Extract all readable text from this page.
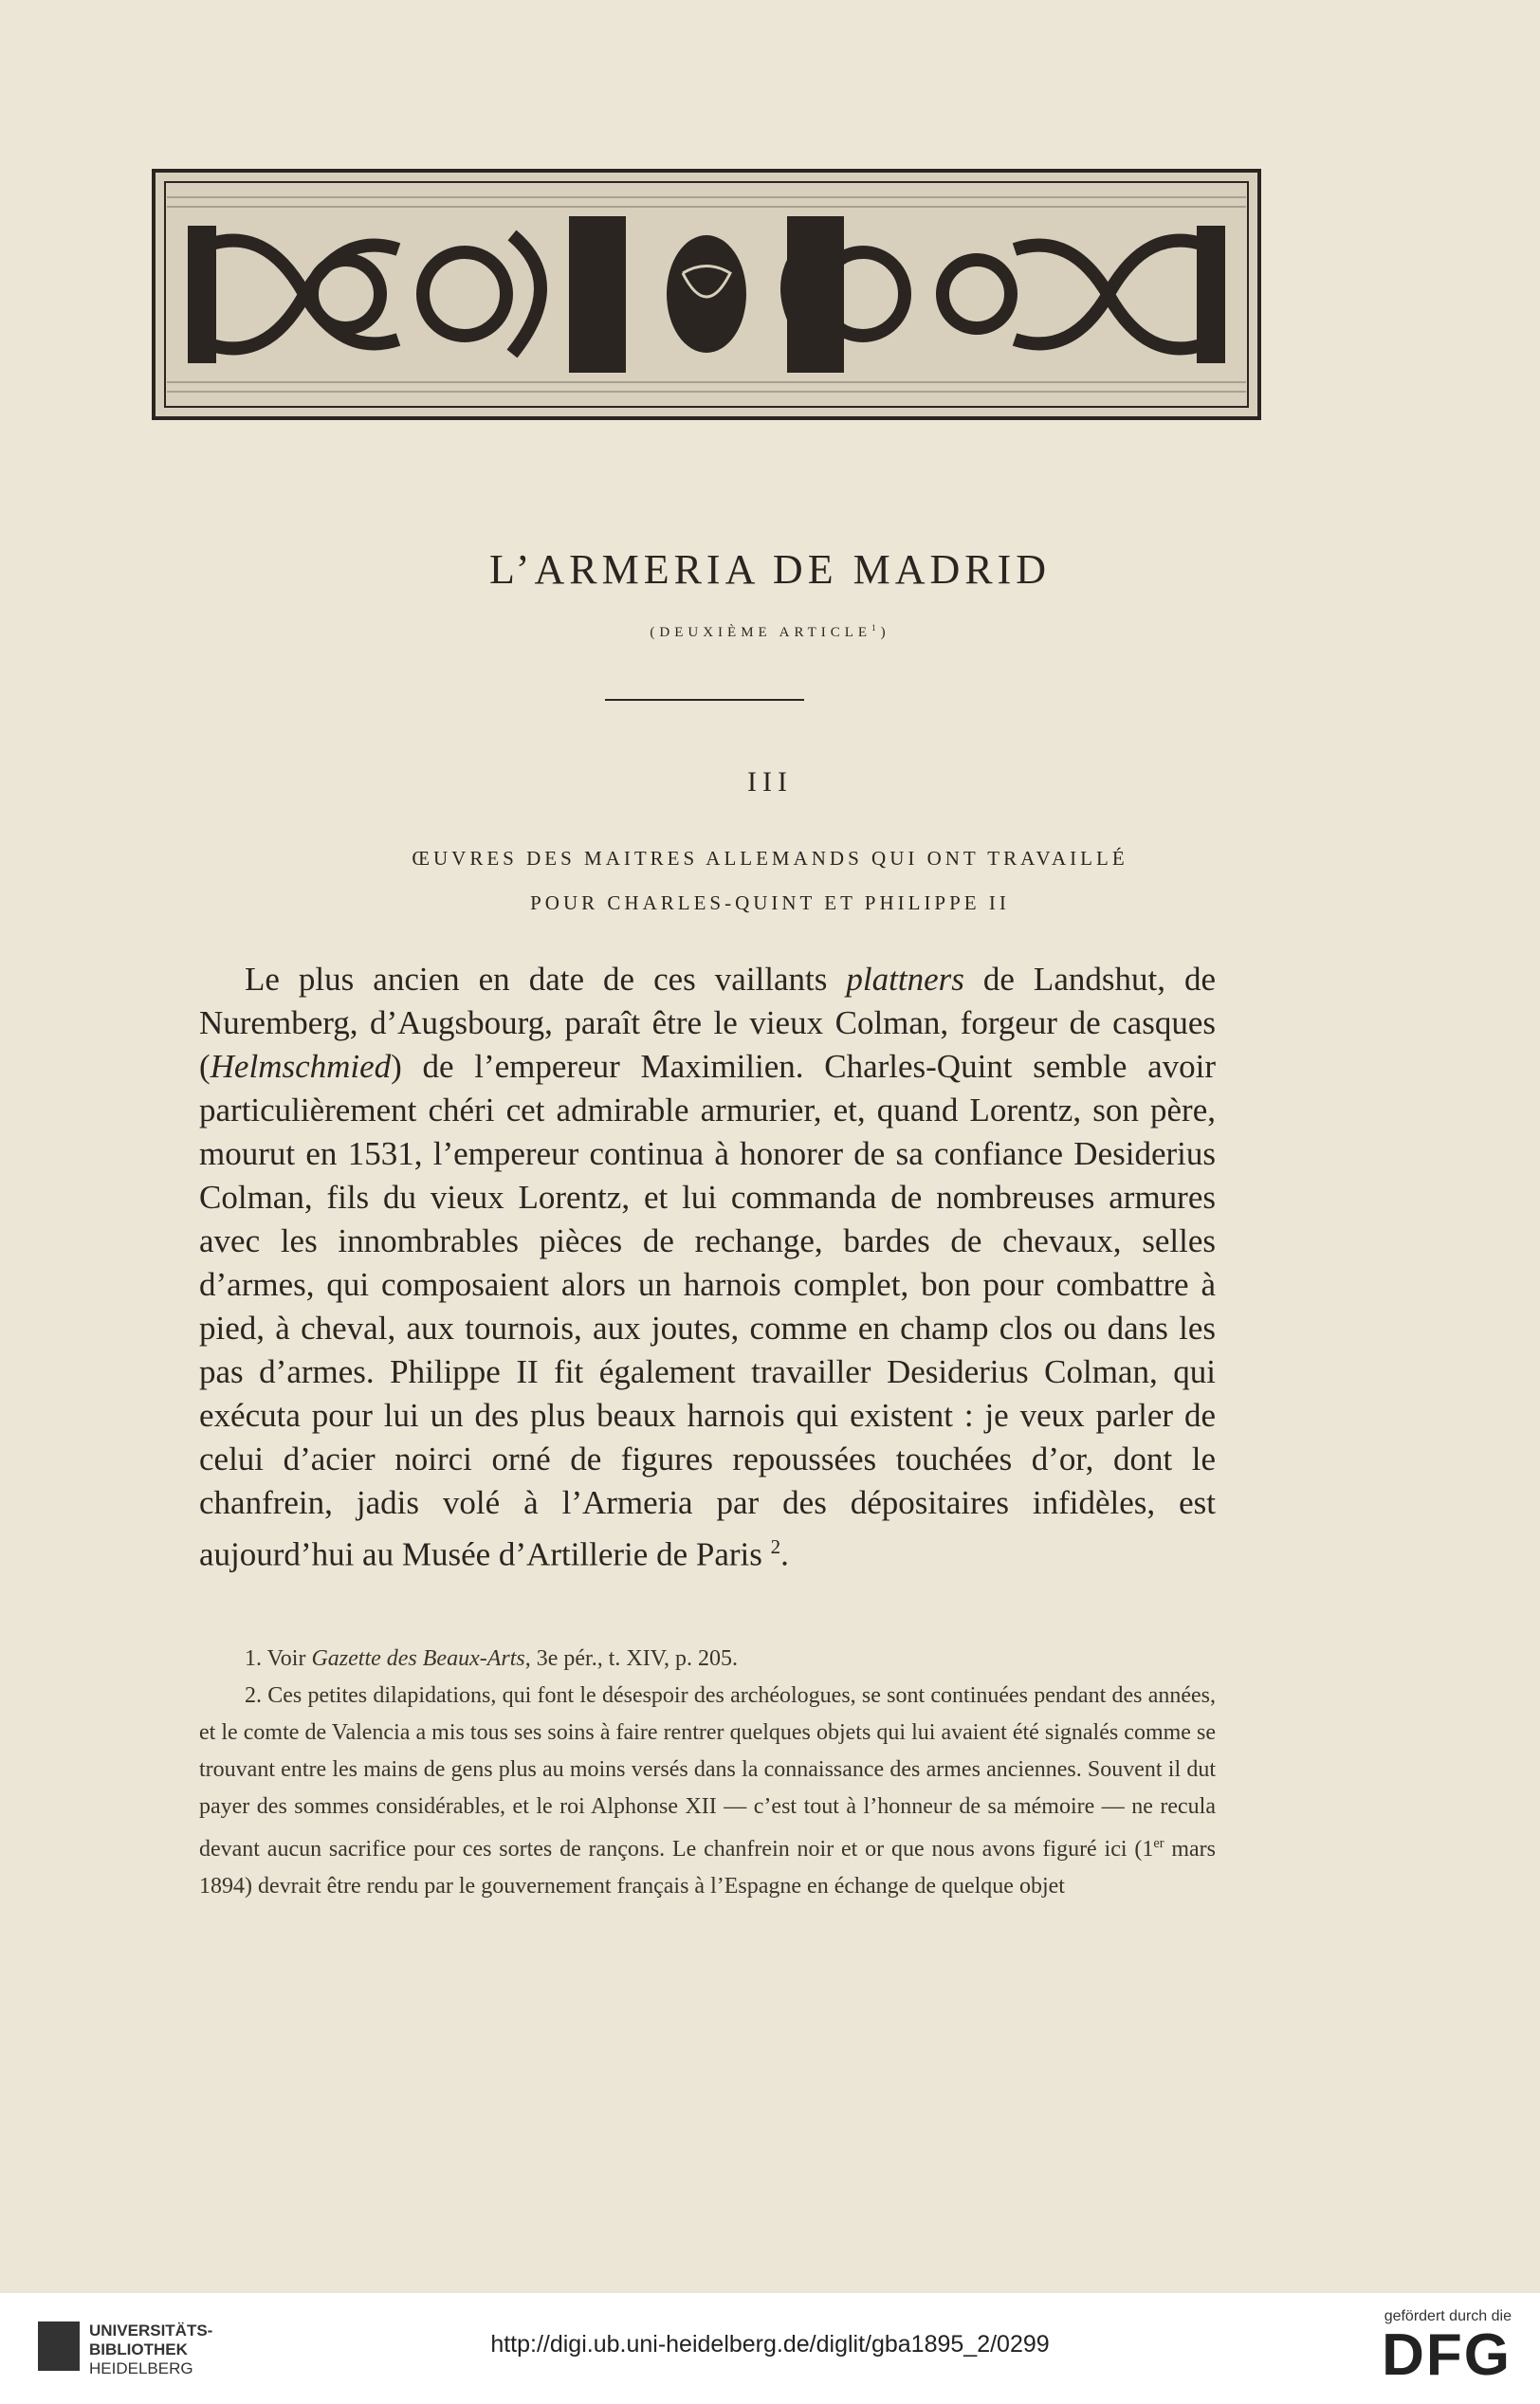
L’ARMERIA DE MADRID
(DEUXIÈME ARTICLE$^1$)
III
ŒUVRES DES MAITRES ALLEMANDS QUI ONT TRAVAILLÉ
POUR CHARLES-QUINT ET PHILIPPE II

Le plus ancien en date de ces vaillants plattners de Landshut, de Nuremberg, d’Augsbourg, paraît être le vieux Colman, forgeur de casques (Helmschmied) de l’empereur Maximilien. Charles-Quint semble avoir particulièrement chéri cet admirable armurier, et, quand Lorentz, son père, mourut en 1531, l’empereur continua à honorer de sa confiance Desiderius Colman, fils du vieux Lorentz, et lui commanda de nombreuses armures avec les innombrables pièces de rechange, bardes de chevaux, selles d’armes, qui composaient alors un harnois complet, bon pour combattre à pied, à cheval, aux tournois, aux joutes, comme en champ clos ou dans les pas d’armes. Philippe II fit également travailler Desiderius Colman, qui exécuta pour lui un des plus beaux harnois qui existent : je veux parler de celui d’acier noirci orné de figures repoussées touchées d’or, dont le chanfrein, jadis volé à l’Armeria par des dépositaires infidèles, est aujourd’hui au Musée d’Artillerie de Paris $^2$.

1. Voir Gazette des Beaux-Arts, 3e pér., t. XIV, p. 205.

2. Ces petites dilapidations, qui font le désespoir des archéologues, se sont continuées pendant des années, et le comte de Valencia a mis tous ses soins à faire rentrer quelques objets qui lui avaient été signalés comme se trouvant entre les mains de gens plus au moins versés dans la connaissance des armes anciennes. Souvent il dut payer des sommes considérables, et le roi Alphonse XII — c’est tout à l’honneur de sa mémoire — ne recula devant aucun sacrifice pour ces sortes de rançons. Le chanfrein noir et or que nous avons figuré ici (1er mars 1894) devrait être rendu par le gouvernement français à l’Espagne en échange de quelque objet

UNIVERSITÄTS-
BIBLIOTHEK
HEIDELBERG
http://digi.ub.uni-heidelberg.de/diglit/gba1895_2/0299
gefördert durch die
DFG
